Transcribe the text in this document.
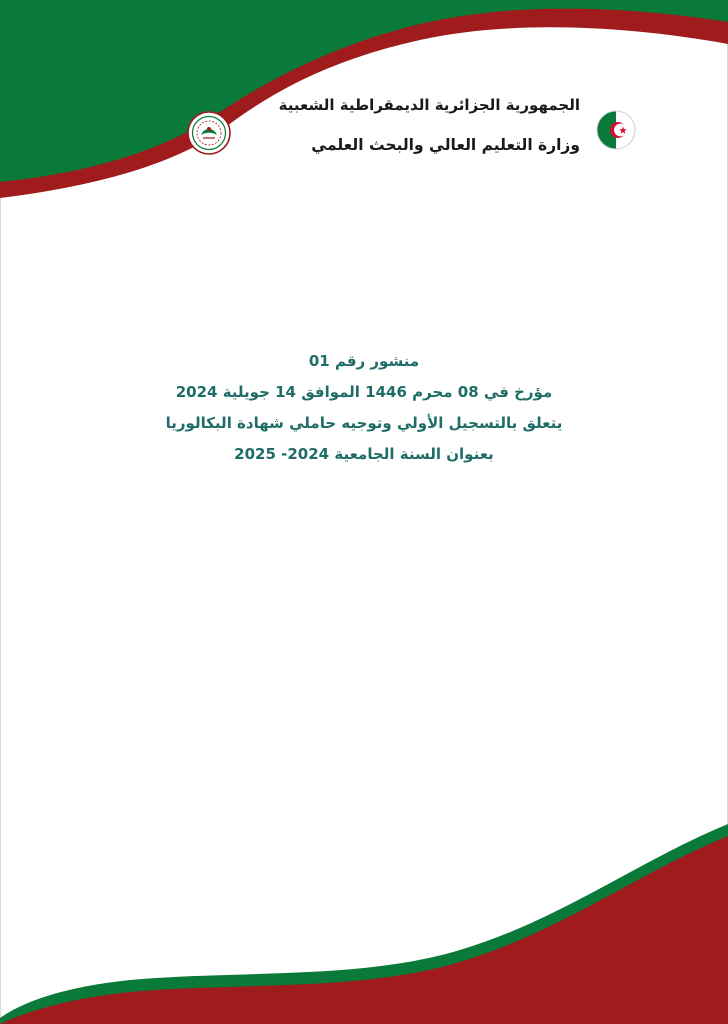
الجمهورية الجزائرية الديمقراطية الشعبية
وزارة التعليم العالي والبحث العلمي
منشور رقم 01
مؤرخ في 08 محرم 1446 الموافق 14 جويلية 2024
يتعلق بالتسجيل الأولي وتوجيه حاملي شهادة البكالوريا
بعنوان السنة الجامعية 2024- 2025
